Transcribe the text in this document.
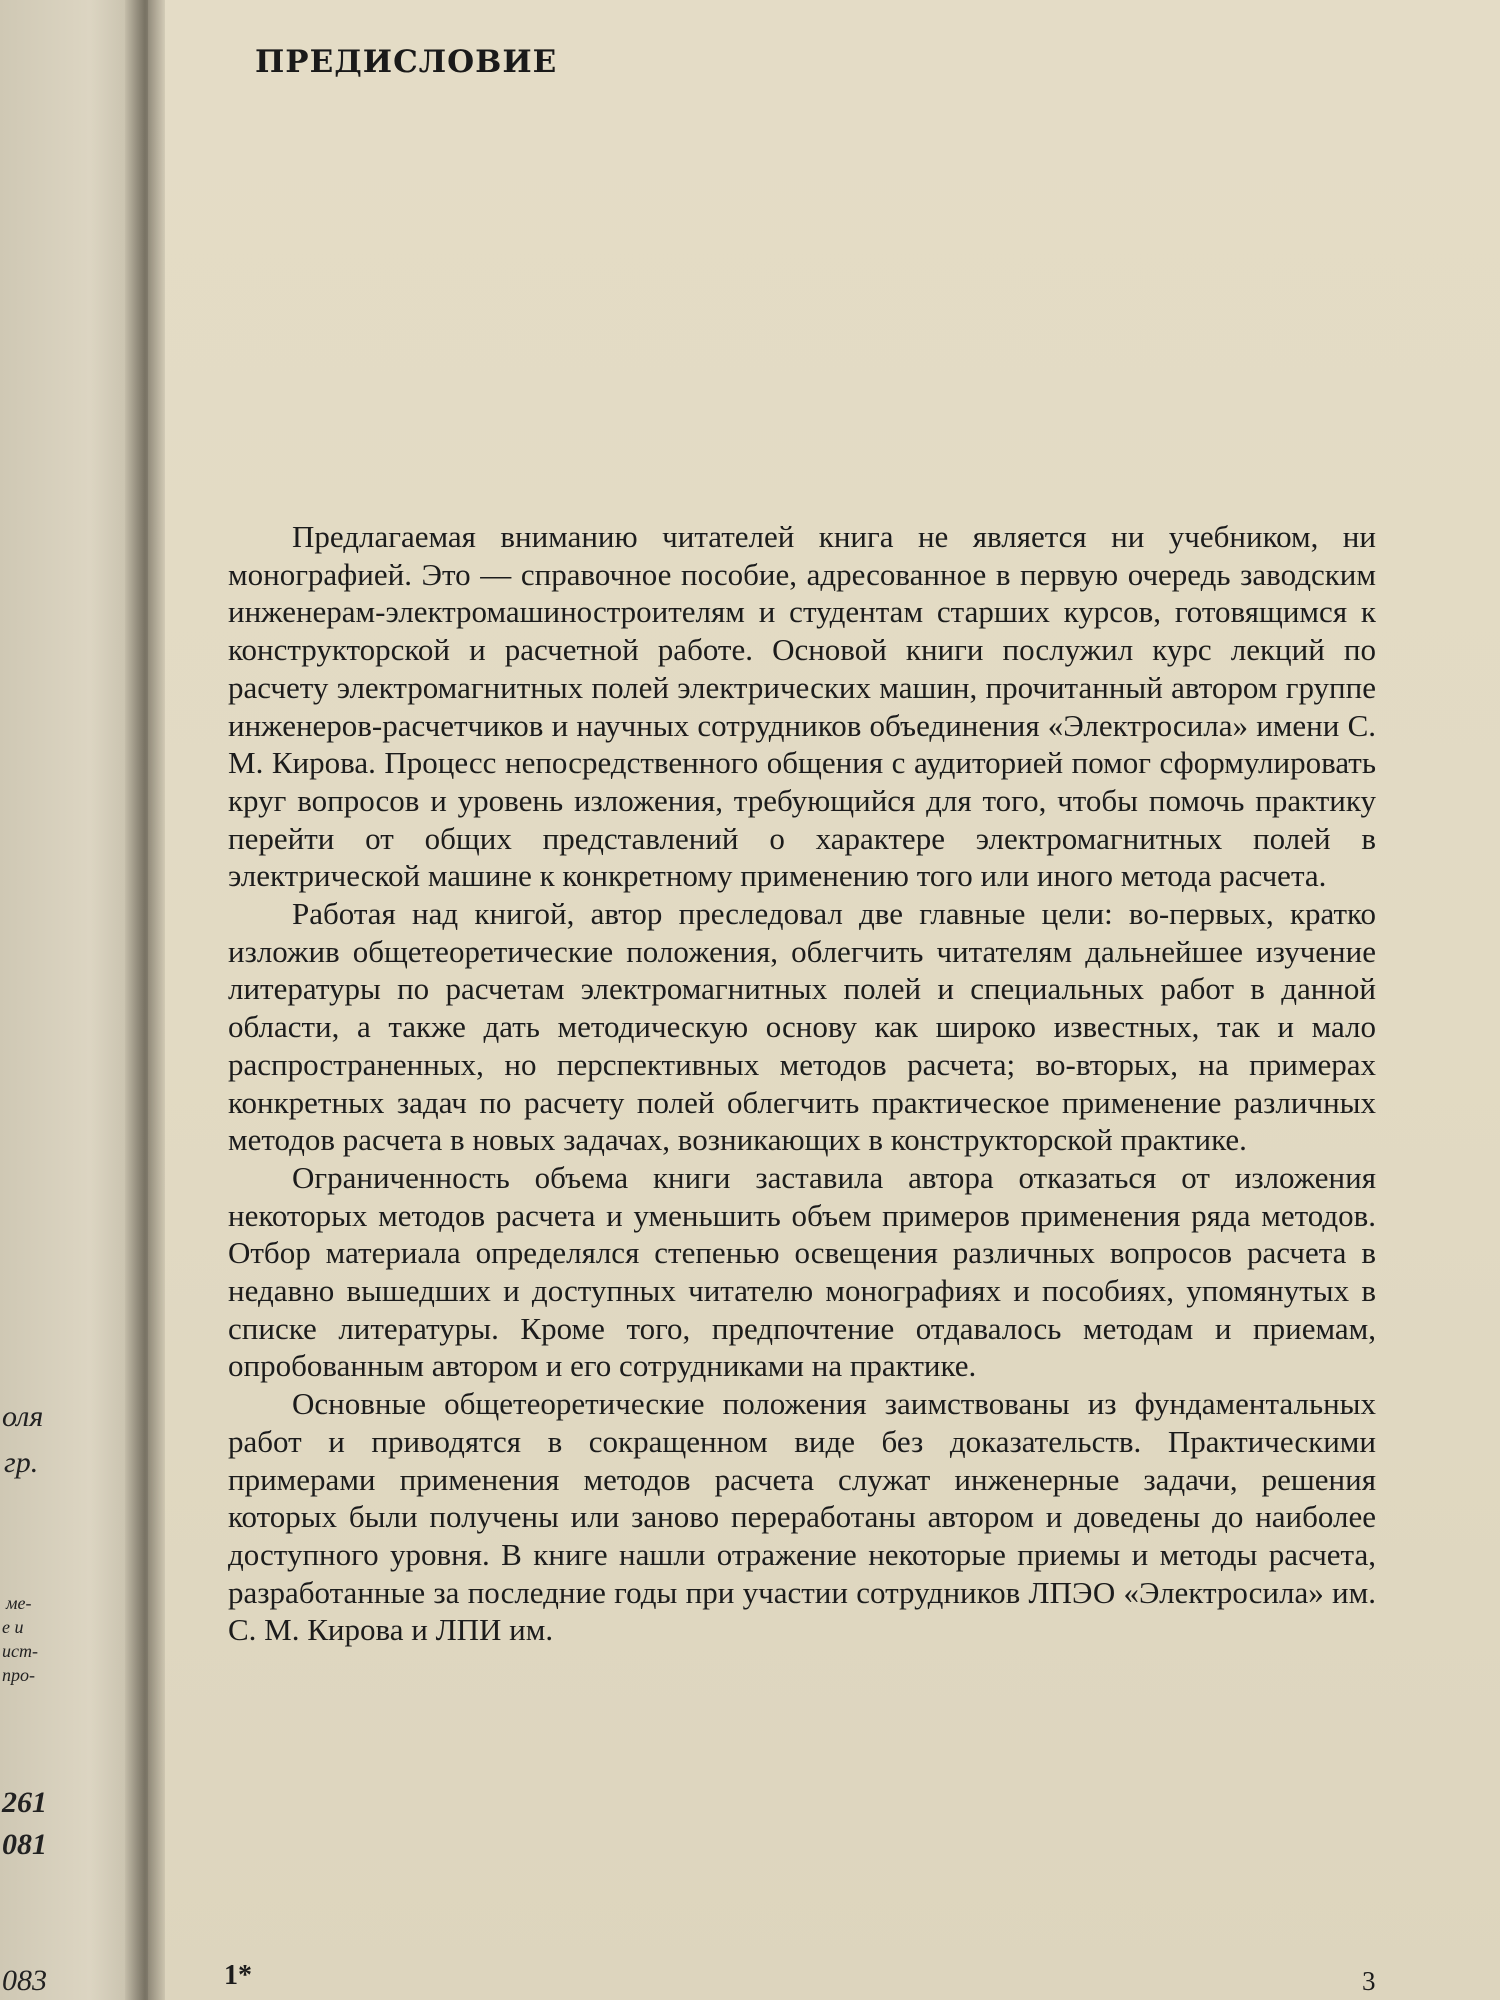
оля
гр.
ме-
е и
ист-
про-
261
081
083
ПРЕДИСЛОВИЕ

Предлагаемая вниманию читателей книга не является ни учебником, ни монографией. Это — справочное пособие, адресованное в первую очередь заводским инженерам-электромашиностроителям и студентам старших курсов, готовящимся к конструкторской и расчетной работе. Основой книги послужил курс лекций по расчету электромагнитных полей электрических машин, прочитанный автором группе инженеров-расчетчиков и научных сотрудников объединения «Электросила» имени С. М. Кирова. Процесс непосредственного общения с аудиторией помог сформулировать круг вопросов и уровень изложения, требующийся для того, чтобы помочь практику перейти от общих представлений о характере электромагнитных полей в электрической машине к конкретному применению того или иного метода расчета.

Работая над книгой, автор преследовал две главные цели: во-первых, кратко изложив общетеоретические положения, облегчить читателям дальнейшее изучение литературы по расчетам электромагнитных полей и специальных работ в данной области, а также дать методическую основу как широко известных, так и мало распространенных, но перспективных методов расчета; во-вторых, на примерах конкретных задач по расчету полей облегчить практическое применение различных методов расчета в новых задачах, возникающих в конструкторской практике.

Ограниченность объема книги заставила автора отказаться от изложения некоторых методов расчета и уменьшить объем примеров применения ряда методов. Отбор материала определялся степенью освещения различных вопросов расчета в недавно вышедших и доступных читателю монографиях и пособиях, упомянутых в списке литературы. Кроме того, предпочтение отдавалось методам и приемам, опробованным автором и его сотрудниками на практике.

Основные общетеоретические положения заимствованы из фундаментальных работ и приводятся в сокращенном виде без доказательств. Практическими примерами применения методов расчета служат инженерные задачи, решения которых были получены или заново переработаны автором и доведены до наиболее доступного уровня. В книге нашли отражение некоторые приемы и методы расчета, разработанные за последние годы при участии сотрудников ЛПЭО «Электросила» им. С. М. Кирова и ЛПИ им.

1*	3
